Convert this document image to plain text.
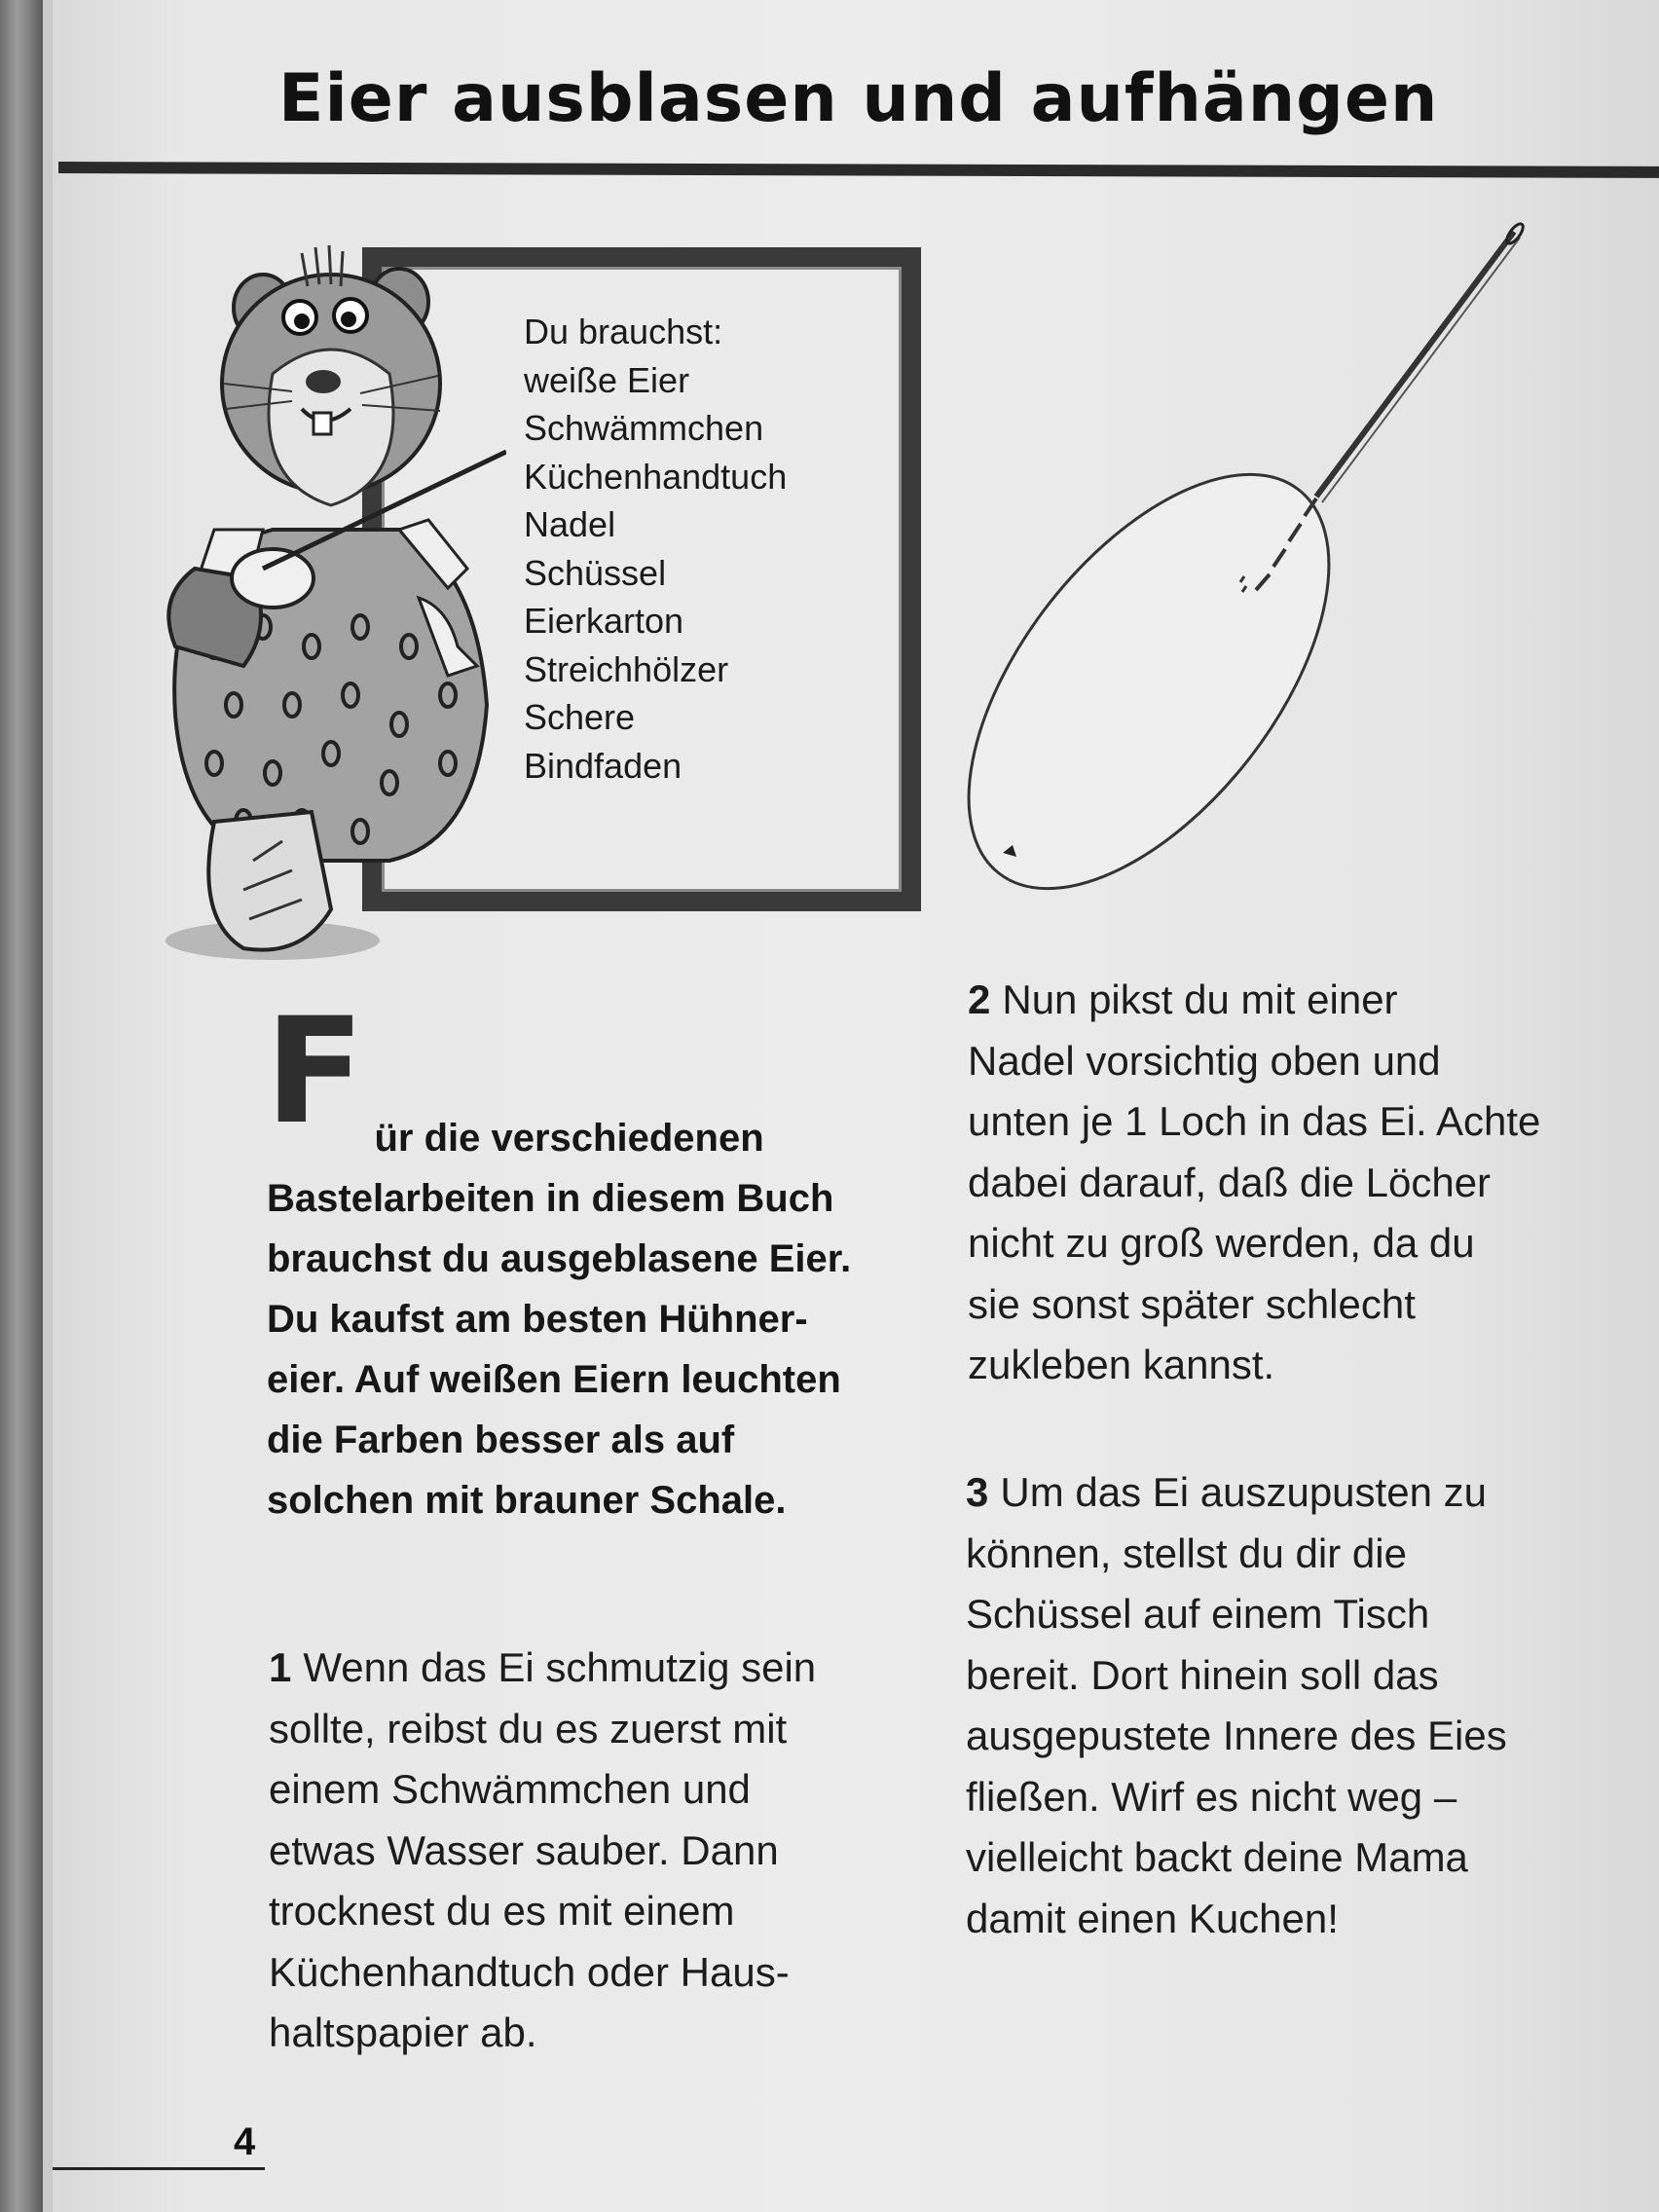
Eier ausblasen und aufhängen
Du brauchst:
weiße Eier
Schwämmchen
Küchenhandtuch
Nadel
Schüssel
Eierkarton
Streichhölzer
Schere
Bindfaden
F ür die verschiedenen
Bastelarbeiten in diesem Buch
brauchst du ausgeblasene Eier.
Du kaufst am besten Hühner-
eier. Auf weißen Eiern leuchten
die Farben besser als auf
solchen mit brauner Schale.
1 Wenn das Ei schmutzig sein
sollte, reibst du es zuerst mit
einem Schwämmchen und
etwas Wasser sauber. Dann
trocknest du es mit einem
Küchenhandtuch oder Haus-
haltspapier ab.
2 Nun pikst du mit einer
Nadel vorsichtig oben und
unten je 1 Loch in das Ei. Achte
dabei darauf, daß die Löcher
nicht zu groß werden, da du
sie sonst später schlecht
zukleben kannst.
3 Um das Ei auszupusten zu
können, stellst du dir die
Schüssel auf einem Tisch
bereit. Dort hinein soll das
ausgepustete Innere des Eies
fließen. Wirf es nicht weg –
vielleicht backt deine Mama
damit einen Kuchen!

4
